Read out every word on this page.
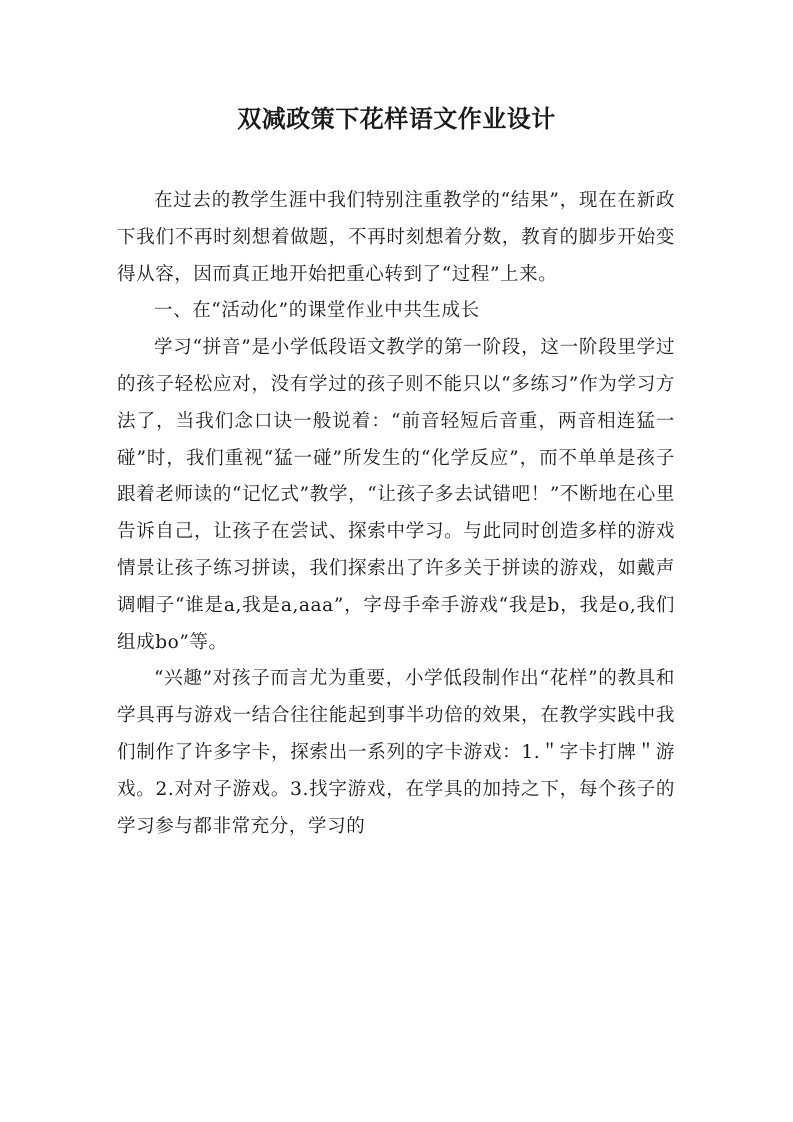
双减政策下花样语文作业设计

在过去的教学生涯中我们特别注重教学的“结果”，现在在新政下我们不再时刻想着做题，不再时刻想着分数，教育的脚步开始变得从容，因而真正地开始把重心转到了“过程”上来。

一、在“活动化”的课堂作业中共生成长

学习“拼音”是小学低段语文教学的第一阶段，这一阶段里学过的孩子轻松应对，没有学过的孩子则不能只以“多练习”作为学习方法了，当我们念口诀一般说着：“前音轻短后音重，两音相连猛一碰”时，我们重视“猛一碰”所发生的“化学反应”，而不单单是孩子跟着老师读的“记忆式”教学，“让孩子多去试错吧！”不断地在心里告诉自己，让孩子在尝试、探索中学习。与此同时创造多样的游戏情景让孩子练习拼读，我们探索出了许多关于拼读的游戏，如戴声调帽子“谁是a,我是a,aaa”，字母手牵手游戏“我是b，我是o,我们组成bo”等。

“兴趣”对孩子而言尤为重要，小学低段制作出“花样”的教具和学具再与游戏一结合往往能起到事半功倍的效果，在教学实践中我们制作了许多字卡，探索出一系列的字卡游戏：1.＂字卡打牌＂游戏。2.对对子游戏。3.找字游戏，在学具的加持之下，每个孩子的学习参与都非常充分，学习的
